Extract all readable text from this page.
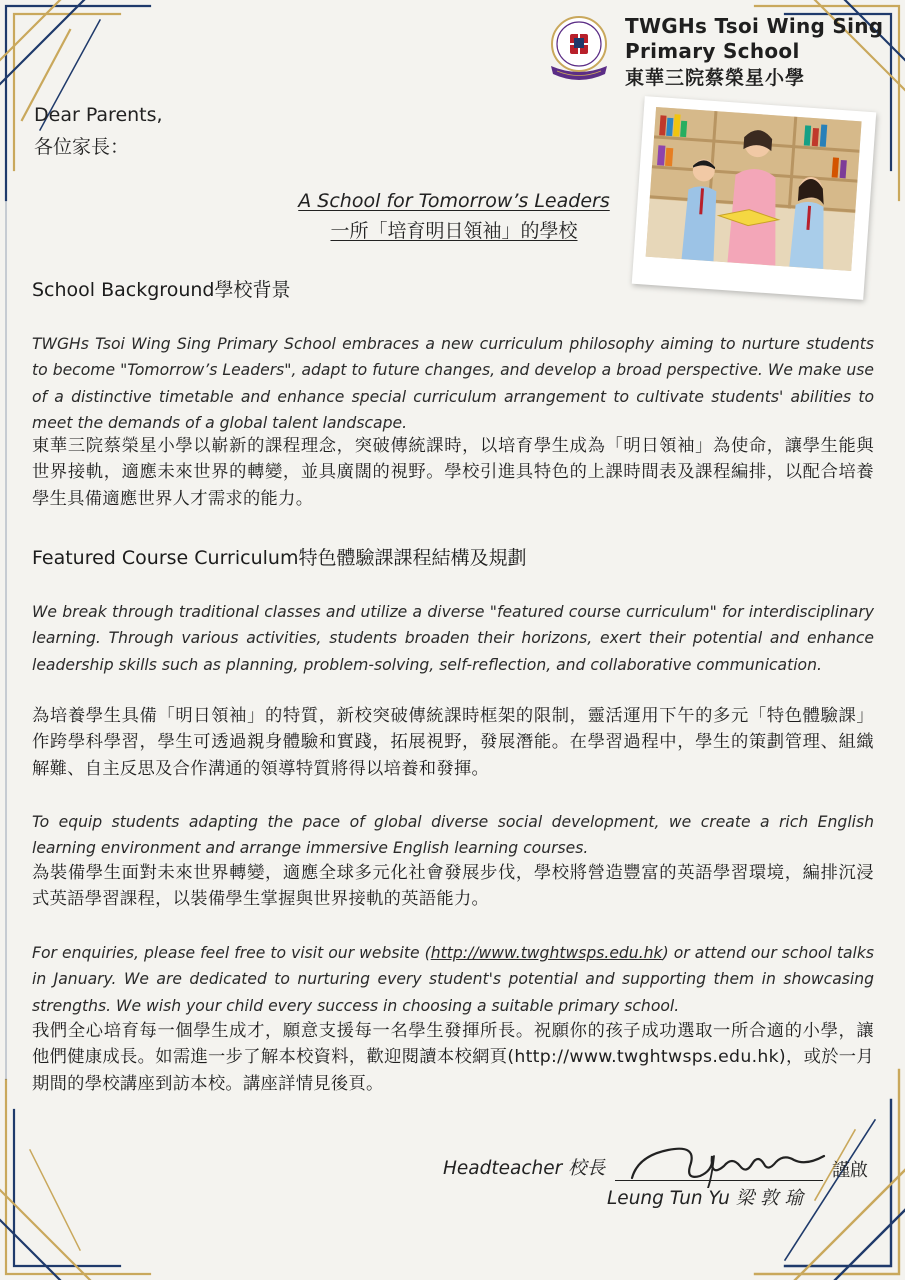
TWGHs Tsoi Wing Sing
Primary School
東華三院蔡榮星小學
Dear Parents,
各位家長：
A School for Tomorrow’s Leaders
一所「培育明日領袖」的學校
School Background學校背景
TWGHs Tsoi Wing Sing Primary School embraces a new curriculum philosophy aiming to nurture students to become "Tomorrow’s Leaders", adapt to future changes, and develop a broad perspective. We make use of a distinctive timetable and enhance special curriculum arrangement to cultivate students' abilities to meet the demands of a global talent landscape.
東華三院蔡榮星小學以嶄新的課程理念，突破傳統課時，以培育學生成為「明日領袖」為使命，讓學生能與世界接軌，適應未來世界的轉變，並具廣闊的視野。學校引進具特色的上課時間表及課程編排，以配合培養學生具備適應世界人才需求的能力。
Featured Course Curriculum特色體驗課課程結構及規劃
We break through traditional classes and utilize a diverse "featured course curriculum" for interdisciplinary learning. Through various activities, students broaden their horizons, exert their potential and enhance leadership skills such as planning, problem-solving, self-reflection, and collaborative communication.
為培養學生具備「明日領袖」的特質，新校突破傳統課時框架的限制，靈活運用下午的多元「特色體驗課」作跨學科學習，學生可透過親身體驗和實踐，拓展視野，發展潛能。在學習過程中，學生的策劃管理、組織解難、自主反思及合作溝通的領導特質將得以培養和發揮。
To equip students adapting the pace of global diverse social development, we create a rich English learning environment and arrange immersive English learning courses.
為裝備學生面對未來世界轉變，適應全球多元化社會發展步伐，學校將營造豐富的英語學習環境，編排沉浸式英語學習課程，以裝備學生掌握與世界接軌的英語能力。
For enquiries, please feel free to visit our website (http://www.twghtwsps.edu.hk) or attend our school talks in January. We are dedicated to nurturing every student's potential and supporting them in showcasing strengths. We wish your child every success in choosing a suitable primary school.
我們全心培育每一個學生成才，願意支援每一名學生發揮所長。祝願你的孩子成功選取一所合適的小學，讓他們健康成長。如需進一步了解本校資料，歡迎閱讀本校網頁(http://www.twghtwsps.edu.hk)，或於一月期間的學校講座到訪本校。講座詳情見後頁。
Headteacher 校長	謹啟
Leung Tun Yu 梁 敦 瑜
